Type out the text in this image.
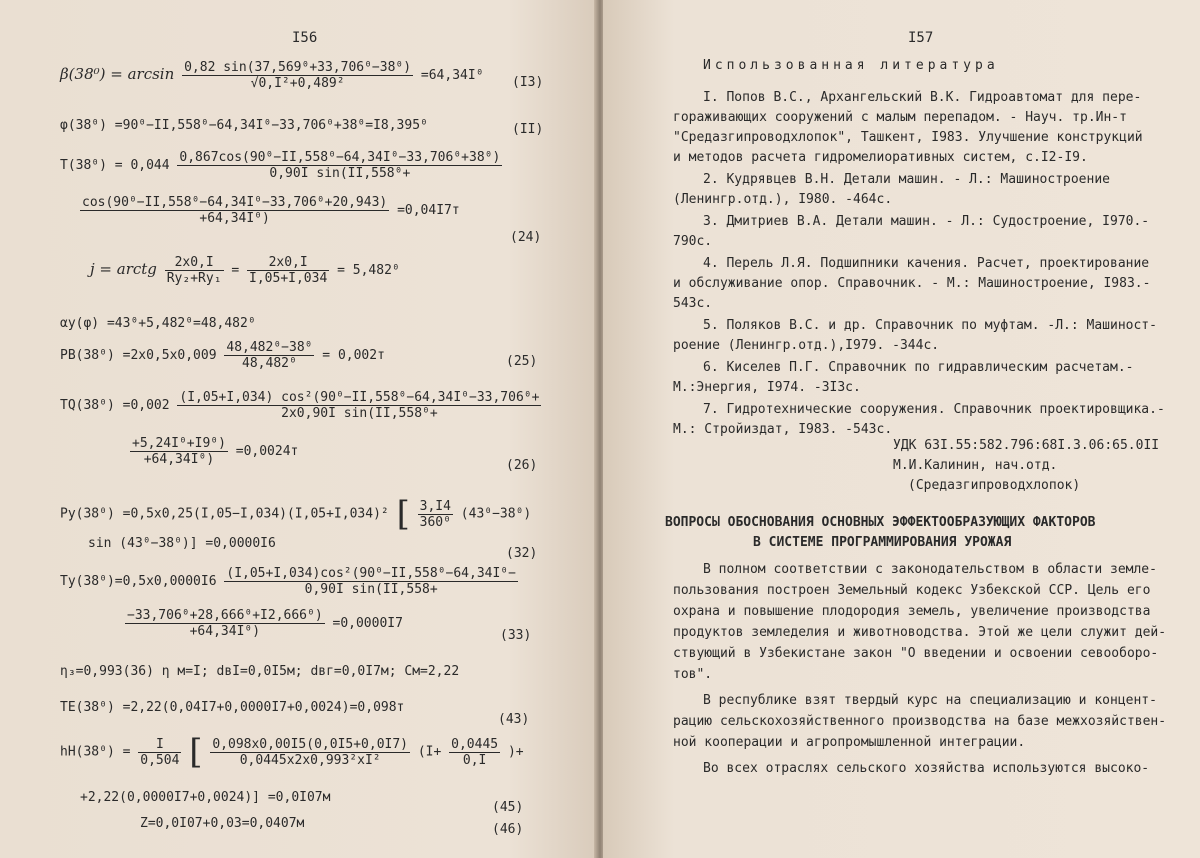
I56
$\beta(38^0) = \arcsin \frac{\text{0,82 sin(37,569⁰+33,706⁰−38⁰)}}{\text{√0,I²+0,489²}} =64,34I^0$ (I3)
φ(38⁰) =90⁰−II,558⁰−64,34I⁰−33,706⁰+38⁰=I8,395⁰	(II)
$T(38^0) = 0,044 \frac{\text{0,867cos(90⁰−II,558⁰−64,34I⁰−33,706⁰+38⁰)}}{\text{0,90I sin(II,558⁰+}}$
$\frac{\text{cos(90⁰−II,558⁰−64,34I⁰−33,706⁰+20,943)}}{\text{+64,34I⁰)}} =0,04I7т$
(24)
j = arctg $\frac{2x0,I}{\text{Ry₂+Ry₁}} = \frac{2x0,I}{I,05+I,034} = 5,482^0$
αy(φ) =43⁰+5,482⁰=48,482⁰
$PB(38^0) =2x0,5x0,009 \frac{\text{48,482⁰−38⁰}}{\text{48,482⁰}} = 0,002т$	(25)
$TQ(38^0) =0,002 \frac{\text{(I,05+I,034) cos²(90⁰−II,558⁰−64,34I⁰−33,706⁰+}}{\text{2x0,90I sin(II,558⁰+}}$
$\frac{\text{+5,24I⁰+I9⁰)}}{\text{+64,34I⁰)}} =0,0024т$
(26)
Py(38⁰) =0,5x0,25(I,05−I,034)(I,05+I,034)² [ $\frac{3,I4}{\text{360⁰}} (43^0-38^0)$
sin (43⁰−38⁰)] =0,0000I6
(32)
$Ty(38^0)=0,5x0,0000I6 \frac{\text{(I,05+I,034)cos²(90⁰−II,558⁰−64,34I⁰−}}{\text{0,90I sin(II,558+}}$
$\frac{\text{−33,706⁰+28,666⁰+I2,666⁰)}}{\text{+64,34I⁰)}} =0,0000I7$
(33)
η₃=0,993(36) η м=I; dвI=0,0I5м; dвг=0,0I7м; Cм=2,22
TE(38⁰) =2,22(0,04I7+0,0000I7+0,0024)=0,098т
(43)
$hH(38^0) = \frac{I}{0,504}$ [ $\frac{0,098x0,00I5(0,0I5+0,0I7)}{\text{0,0445x2x0,993²xI²}} (I+ \frac{0,0445}{0,I}$ )+
+2,22(0,0000I7+0,0024)] =0,0I07м
(45)
Z=0,0I07+0,03=0,0407м	(46)
I57
Использованная литература
I. Попов В.С., Архангельский В.К. Гидроавтомат для пере-
горaживающих сооружений с малым перепадом. - Науч. тр.Ин-т
"Средазгипроводхлопок", Ташкент, I983. Улучшение конструкций
и методов расчета гидромелиоративных систем, с.I2-I9.
2. Кудрявцев В.Н. Детали машин. - Л.: Машиностроение
(Ленингр.отд.), I980. -464с.
3. Дмитриев В.А. Детали машин. - Л.: Судостроение, I970.-
790с.
4. Перель Л.Я. Подшипники качения. Расчет, проектирование
и обслуживание опор. Справочник. - М.: Машиностроение, I983.-
543с.
5. Поляков В.С. и др. Справочник по муфтам. -Л.: Машиност-
роение (Ленингр.отд.),I979. -344с.
6. Киселев П.Г. Справочник по гидравлическим расчетам.-
М.:Энергия, I974. -3I3с.
7. Гидротехнические сооружения. Справочник проектировщика.-
М.: Стройиздат, I983. -543с.
УДК 63I.55:582.796:68I.3.06:65.0II
М.И.Калинин, нач.отд.
(Средазгипроводхлопок)
ВОПРОСЫ ОБОСНОВАНИЯ ОСНОВНЫХ ЭФФЕКТООБРАЗУЮЩИХ ФАКТОРОВ
В СИСТЕМЕ ПРОГРАММИРОВАНИЯ УРОЖАЯ
В полном соответствии с законодательством в области земле-
пользования построен Земельный кодекс Узбекской ССР. Цель его
охрана и повышение плодородия земель, увеличение производства
продуктов земледелия и животноводства. Этой же цели служит дей-
ствующий в Узбекистане закон "О введении и освоении севооборо-
тов".
В республике взят твердый курс на специализацию и концент-
рацию сельскохозяйственного производства на базе межхозяйствен-
ной кооперации и агропромышленной интеграции.
Во всех отраслях сельского хозяйства используются высоко-
